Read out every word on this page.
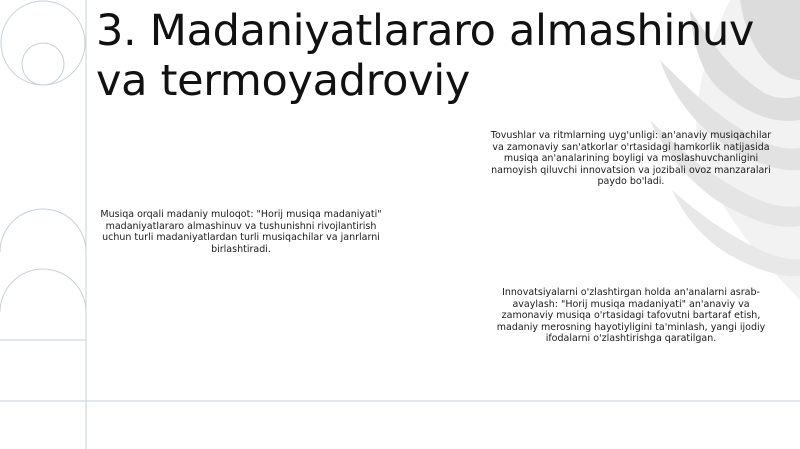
3. Madaniyatlararo almashinuv va termoyadroviy

Musiqa orqali madaniy muloqot: "Horij musiqa madaniyati" madaniyatlararo almashinuv va tushunishni rivojlantirish uchun turli madaniyatlardan turli musiqachilar va janrlarni birlashtiradi.

Tovushlar va ritmlarning uyg'unligi: an'anaviy musiqachilar va zamonaviy san'atkorlar o'rtasidagi hamkorlik natijasida musiqa an'analarining boyligi va moslashuvchanligini namoyish qiluvchi innovatsion va jozibali ovoz manzaralari paydo bo'ladi.

Innovatsiyalarni o'zlashtirgan holda an'analarni asrab-avaylash: "Horij musiqa madaniyati" an'anaviy va zamonaviy musiqa o'rtasidagi tafovutni bartaraf etish, madaniy merosning hayotiyligini ta'minlash, yangi ijodiy ifodalarni o'zlashtirishga qaratilgan.
